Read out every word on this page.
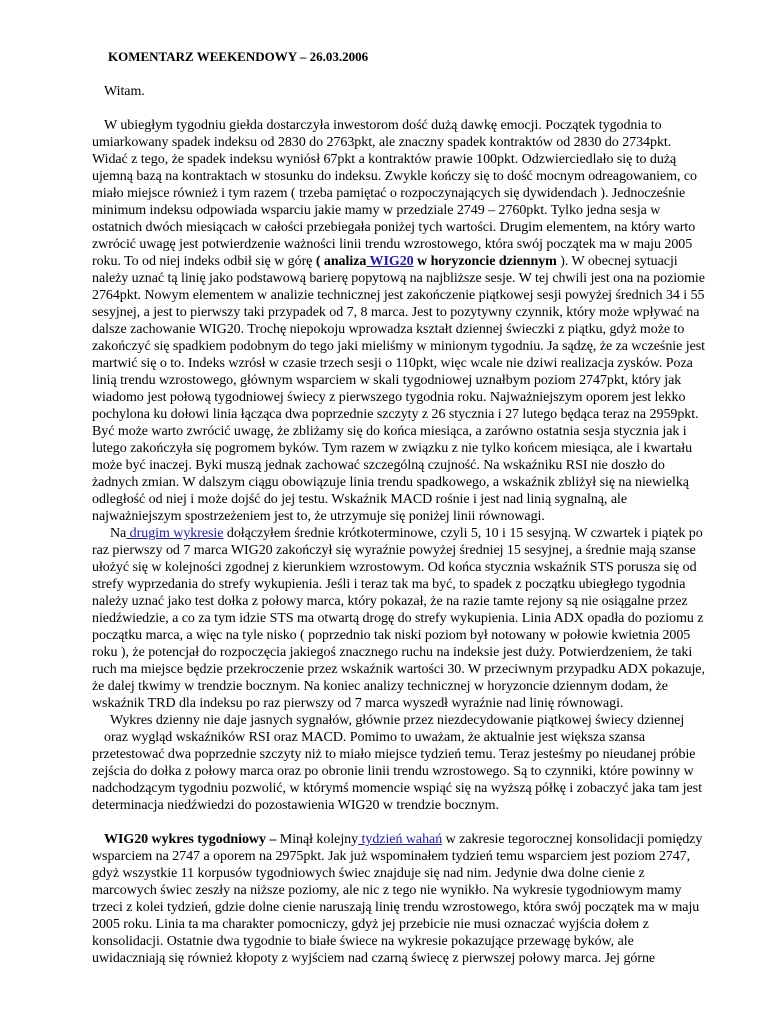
KOMENTARZ WEEKENDOWY – 26.03.2006
Witam.
W ubiegłym tygodniu giełda dostarczyła inwestorom dość dużą dawkę emocji. Początek tygodnia to
umiarkowany spadek indeksu od 2830 do 2763pkt, ale znaczny spadek kontraktów od 2830 do 2734pkt.
Widać z tego, że spadek indeksu wyniósł 67pkt a kontraktów prawie 100pkt. Odzwierciedlało się to dużą
ujemną bazą na kontraktach w stosunku do indeksu. Zwykle kończy się to dość mocnym odreagowaniem, co
miało miejsce również i tym razem ( trzeba pamiętać o rozpoczynających się dywidendach ). Jednocześnie
minimum indeksu odpowiada wsparciu jakie mamy w przedziale 2749 – 2760pkt. Tylko jedna sesja w
ostatnich dwóch miesiącach w całości przebiegała poniżej tych wartości. Drugim elementem, na który warto
zwrócić uwagę jest potwierdzenie ważności linii trendu wzrostowego, która swój początek ma w maju 2005
roku. To od niej indeks odbił się w górę ( analiza WIG20 w horyzoncie dziennym ). W obecnej sytuacji
należy uznać tą linię jako podstawową barierę popytową na najbliższe sesje. W tej chwili jest ona na poziomie
2764pkt. Nowym elementem w analizie technicznej jest zakończenie piątkowej sesji powyżej średnich 34 i 55
sesyjnej, a jest to pierwszy taki przypadek od 7, 8 marca. Jest to pozytywny czynnik, który może wpływać na
dalsze zachowanie WIG20. Trochę niepokoju wprowadza kształt dziennej świeczki z piątku, gdyż może to
zakończyć się spadkiem podobnym do tego jaki mieliśmy w minionym tygodniu. Ja sądzę, że za wcześnie jest
martwić się o to. Indeks wzrósł w czasie trzech sesji o 110pkt, więc wcale nie dziwi realizacja zysków. Poza
linią trendu wzrostowego, głównym wsparciem w skali tygodniowej uznałbym poziom 2747pkt, który jak
wiadomo jest połową tygodniowej świecy z pierwszego tygodnia roku. Najważniejszym oporem jest lekko
pochylona ku dołowi linia łącząca dwa poprzednie szczyty z 26 stycznia i 27 lutego będąca teraz na 2959pkt.
Być może warto zwrócić uwagę, że zbliżamy się do końca miesiąca, a zarówno ostatnia sesja stycznia jak i
lutego zakończyła się pogromem byków. Tym razem w związku z nie tylko końcem miesiąca, ale i kwartału
może być inaczej. Byki muszą jednak zachować szczególną czujność. Na wskaźniku RSI nie doszło do
żadnych zmian. W dalszym ciągu obowiązuje linia trendu spadkowego, a wskaźnik zbliżył się na niewielką
odległość od niej i może dojść do jej testu. Wskaźnik MACD rośnie i jest nad linią sygnalną, ale
najważniejszym spostrzeżeniem jest to, że utrzymuje się poniżej linii równowagi.
Na drugim wykresie dołączyłem średnie krótkoterminowe, czyli 5, 10 i 15 sesyjną. W czwartek i piątek po
raz pierwszy od 7 marca WIG20 zakończył się wyraźnie powyżej średniej 15 sesyjnej, a średnie mają szanse
ułożyć się w kolejności zgodnej z kierunkiem wzrostowym. Od końca stycznia wskaźnik STS porusza się od
strefy wyprzedania do strefy wykupienia. Jeśli i teraz tak ma być, to spadek z początku ubiegłego tygodnia
należy uznać jako test dołka z połowy marca, który pokazał, że na razie tamte rejony są nie osiągalne przez
niedźwiedzie, a co za tym idzie STS ma otwartą drogę do strefy wykupienia. Linia ADX opadła do poziomu z
początku marca, a więc na tyle nisko ( poprzednio tak niski poziom był notowany w połowie kwietnia 2005
roku ), że potencjał do rozpoczęcia jakiegoś znacznego ruchu na indeksie jest duży. Potwierdzeniem, że taki
ruch ma miejsce będzie przekroczenie przez wskaźnik wartości 30. W przeciwnym przypadku ADX pokazuje,
że dalej tkwimy w trendzie bocznym. Na koniec analizy technicznej w horyzoncie dziennym dodam, że
wskaźnik TRD dla indeksu po raz pierwszy od 7 marca wyszedł wyraźnie nad linię równowagi.
Wykres dzienny nie daje jasnych sygnałów, głównie przez niezdecydowanie piątkowej świecy dziennej
oraz wygląd wskaźników RSI oraz MACD. Pomimo to uważam, że aktualnie jest większa szansa
przetestować dwa poprzednie szczyty niż to miało miejsce tydzień temu. Teraz jesteśmy po nieudanej próbie
zejścia do dołka z połowy marca oraz po obronie linii trendu wzrostowego. Są to czynniki, które powinny w
nadchodzącym tygodniu pozwolić, w którymś momencie wspiąć się na wyższą półkę i zobaczyć jaka tam jest
determinacja niedźwiedzi do pozostawienia WIG20 w trendzie bocznym.
WIG20 wykres tygodniowy – Minął kolejny tydzień wahań w zakresie tegorocznej konsolidacji pomiędzy
wsparciem na 2747 a oporem na 2975pkt. Jak już wspominałem tydzień temu wsparciem jest poziom 2747,
gdyż wszystkie 11 korpusów tygodniowych świec znajduje się nad nim. Jedynie dwa dolne cienie z
marcowych świec zeszły na niższe poziomy, ale nic z tego nie wynikło. Na wykresie tygodniowym mamy
trzeci z kolei tydzień, gdzie dolne cienie naruszają linię trendu wzrostowego, która swój początek ma w maju
2005 roku. Linia ta ma charakter pomocniczy, gdyż jej przebicie nie musi oznaczać wyjścia dołem z
konsolidacji. Ostatnie dwa tygodnie to białe świece na wykresie pokazujące przewagę byków, ale
uwidaczniają się również kłopoty z wyjściem nad czarną świecę z pierwszej połowy marca. Jej górne
